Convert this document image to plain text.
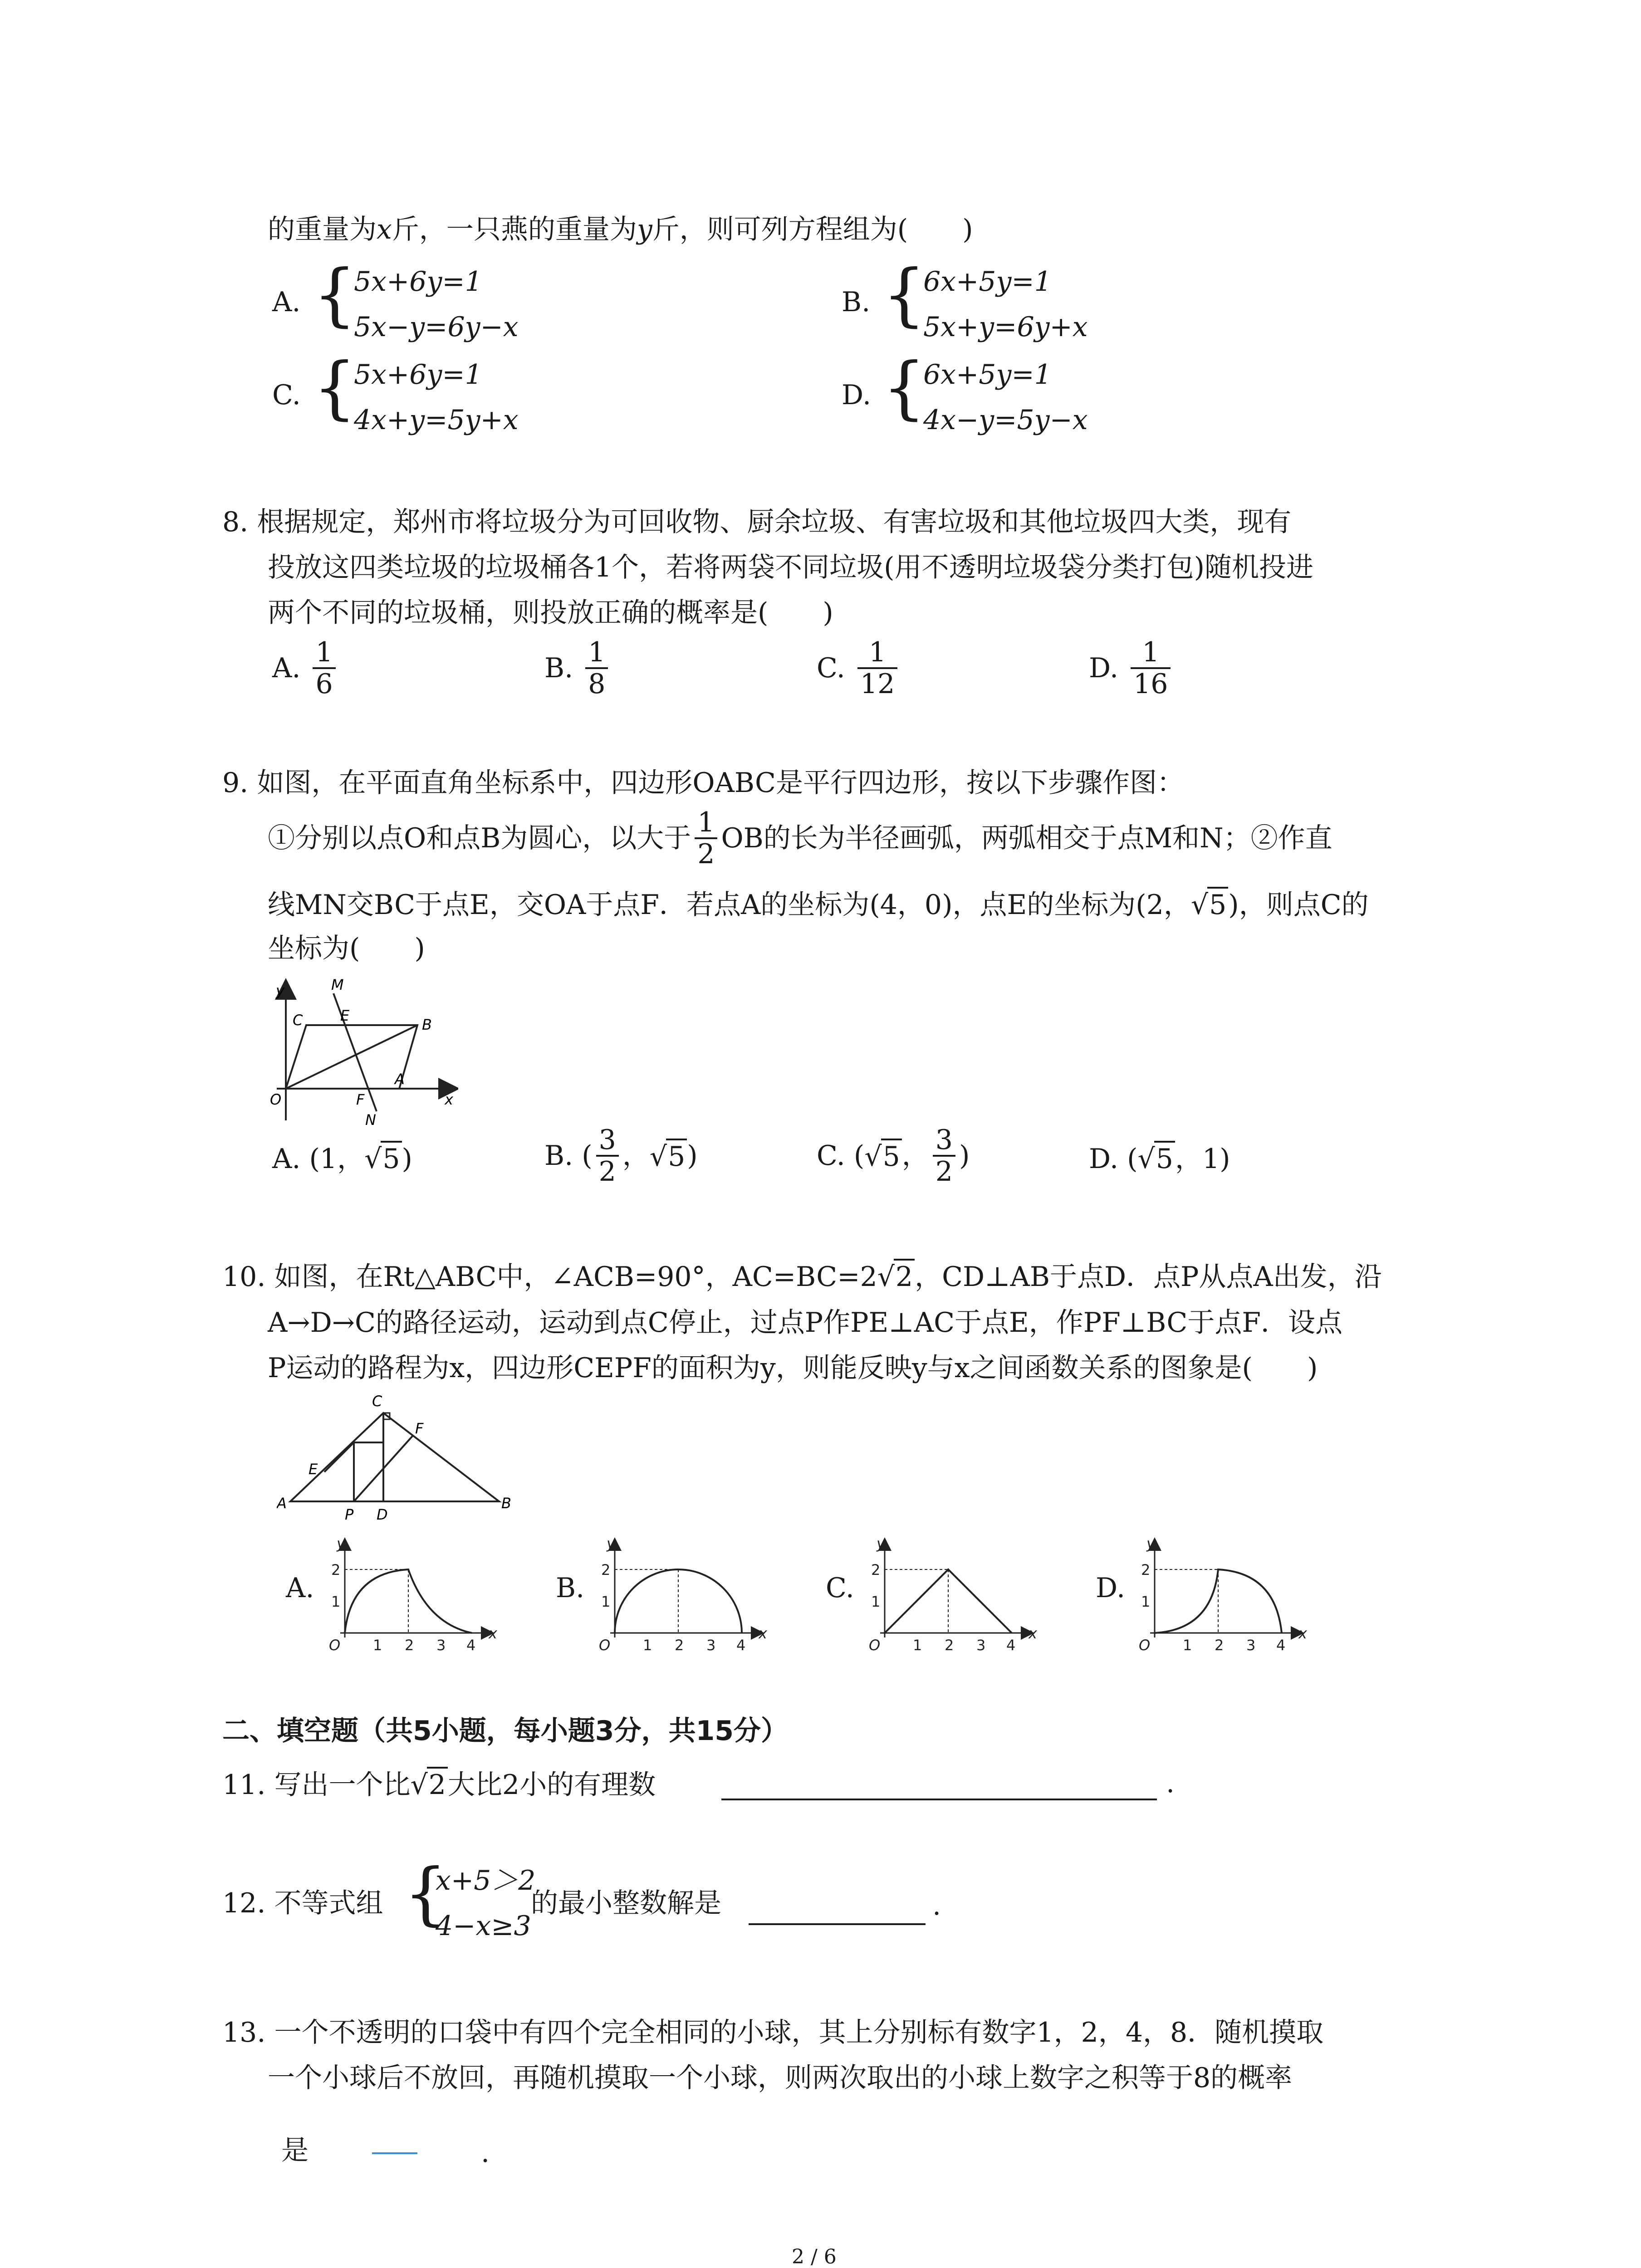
的重量为x斤，一只燕的重量为y斤，则可列方程组为(　　)
A. {
5x+6y=1
5x−y=6y−x
B. {
6x+5y=1
5x+y=6y+x
C. {
5x+6y=1
4x+y=5y+x
D. {
6x+5y=1
4x−y=5y−x
8. 根据规定，郑州市将垃圾分为可回收物、厨余垃圾、有害垃圾和其他垃圾四大类，现有
投放这四类垃圾的垃圾桶各1个，若将两袋不同垃圾(用不透明垃圾袋分类打包)随机投进
两个不同的垃圾桶，则投放正确的概率是(　　)
A. $\frac{1}{6}$	B. $\frac{1}{8}$	C. $\frac{1}{12}$	D. $\frac{1}{16}$
9. 如图，在平面直角坐标系中，四边形OABC是平行四边形，按以下步骤作图：
①分别以点O和点B为圆心，以大于 $\frac{1}{2}$ OB的长为半径画弧，两弧相交于点M和N；②作直
线MN交BC于点E，交OA于点F．若点A的坐标为(4，0)，点E的坐标为(2，√5)，则点C的
坐标为(　　)
y	M
C	E
B
A
O	F
N
x
A. (1，√5)	B. ( $\frac{3}{2}$ ，√5)	C. (√5， $\frac{3}{2}$ )	D. (√5，1)
10. 如图，在Rt△ABC中，∠ACB=90°，AC=BC=2√2，CD⊥AB于点D．点P从点A出发，沿
A→D→C的路径运动，运动到点C停止，过点P作PE⊥AC于点E，作PF⊥BC于点F．设点
P运动的路程为x，四边形CEPF的面积为y，则能反映y与x之间函数关系的图象是(　　)
C
F
E
A
P D
B
A.
y
x
O 1 2 3 4
1
2
B.
y
x
O 1 2 3 4
1
2
C.
y
x
O 1 2 3 4
1
2
D.
y
x
O 1 2 3 4
1
2
二、填空题（共5小题，每小题3分，共15分）
11. 写出一个比√2大比2小的有理数	.
12. 不等式组 {
x+5＞2
4−x≥3
的最小整数解是	.
13. 一个不透明的口袋中有四个完全相同的小球，其上分别标有数字1，2，4，8．随机摸取
一个小球后不放回，再随机摸取一个小球，则两次取出的小球上数字之积等于8的概率
是	.
2 / 6
